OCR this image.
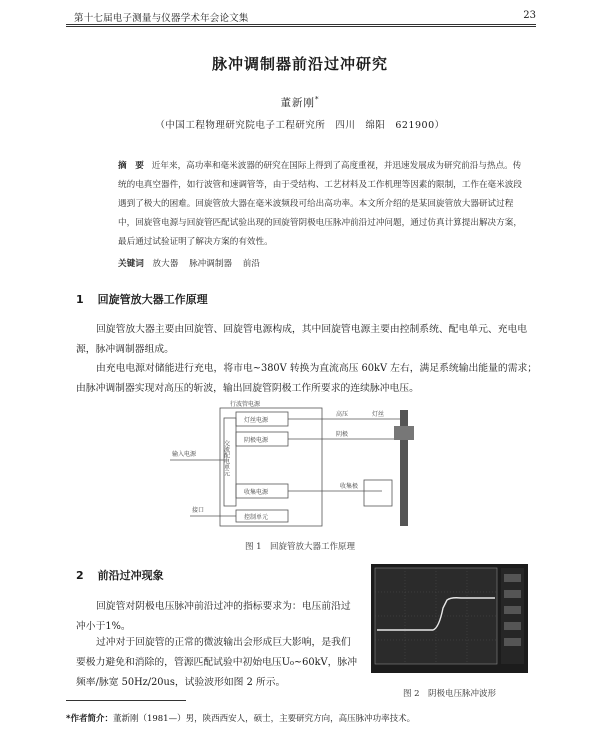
第十七届电子测量与仪器学术年会论文集	23
脉冲调制器前沿过冲研究
董新刚*
（中国工程物理研究院电子工程研究所　四川　绵阳　621900）
摘　要 近年来，高功率和毫米波器的研究在国际上得到了高度重视，并迅速发展成为研究前沿与热点。传统的电真空器件，如行波管和速调管等，由于受结构、工艺材料及工作机理等因素的限制，工作在毫米波段遇到了极大的困难。回旋管放大器在毫米波频段可给出高功率。本文所介绍的是某回旋管放大器研试过程中，回旋管电源与回旋管匹配试验出现的回旋管阴极电压脉冲前沿过冲问题，通过仿真计算提出解决方案，最后通过试验证明了解决方案的有效性。
关键词 放大器 脉冲调制器 前沿
1 回旋管放大器工作原理

回旋管放大器主要由回旋管、回旋管电源构成，其中回旋管电源主要由控制系统、配电单元、充电电源，脉冲调制器组成。

由充电电源对储能进行充电，将市电~380V 转换为直流高压 60kV 左右，满足系统输出能量的需求；由脉冲调制器实现对高压的斩波，输出回旋管阴极工作所要求的连续脉冲电压。

行波管电源
交流配电单元
灯丝电源
阴极电源
收集电源
控制单元
输入电源
高压	灯丝
阴极
收集极
接口
图 1　回旋管放大器工作原理
2 前沿过冲现象

回旋管对阴极电压脉冲前沿过冲的指标要求为：电压前沿过冲小于1%。

过冲对于回旋管的正常的微波输出会形成巨大影响，是我们要极力避免和消除的，管源匹配试验中初始电压U₀~60kV，脉冲频率/脉宽 50Hz/20us，试验波形如图 2 所示。

图 2　阴极电压脉冲波形
*作者简介：董新刚（1981—）男，陕西西安人，硕士，主要研究方向，高压脉冲功率技术。
